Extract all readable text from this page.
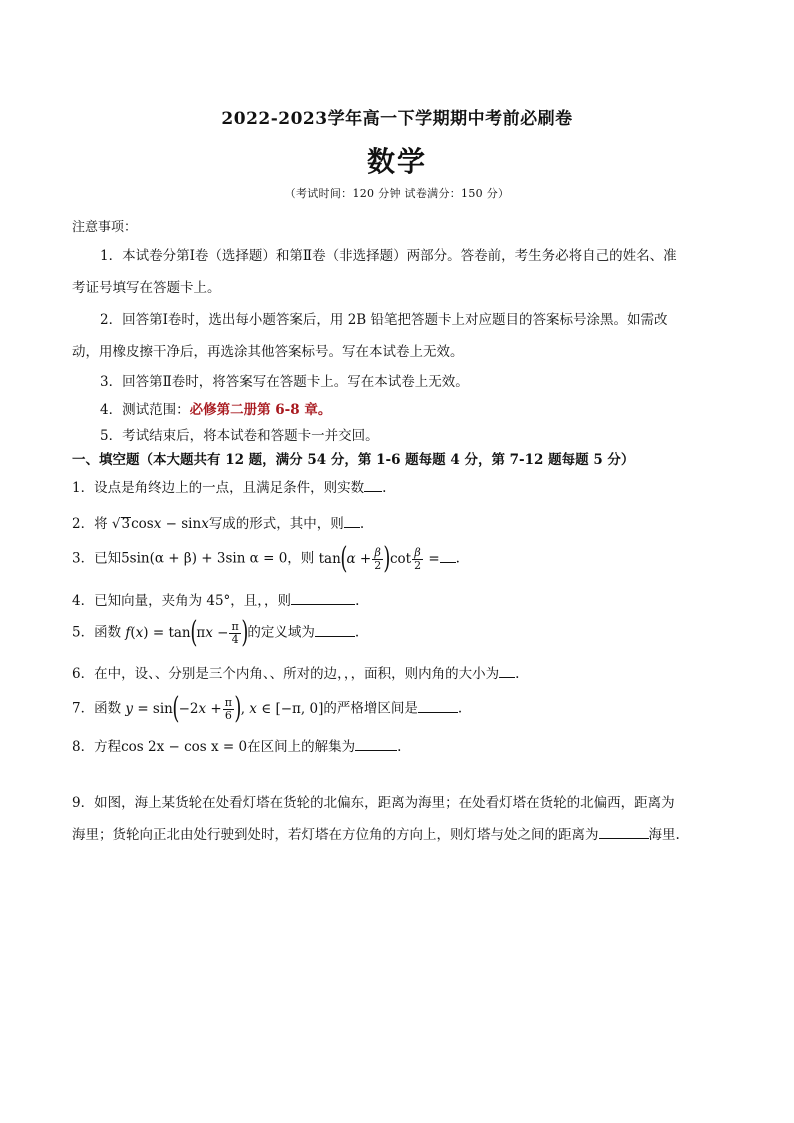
2022-2023学年高一下学期期中考前必刷卷
数学
（考试时间：120 分钟 试卷满分：150 分）
注意事项：
1．本试卷分第Ⅰ卷（选择题）和第Ⅱ卷（非选择题）两部分。答卷前，考生务必将自己的姓名、准考证号填写在答题卡上。
2．回答第Ⅰ卷时，选出每小题答案后，用 2B 铅笔把答题卡上对应题目的答案标号涂黑。如需改动，用橡皮擦干净后，再选涂其他答案标号。写在本试卷上无效。
3．回答第Ⅱ卷时，将答案写在答题卡上。写在本试卷上无效。
4．测试范围：必修第二册第 6-8 章。
5．考试结束后，将本试卷和答题卡一并交回。
一、填空题（本大题共有 12 题，满分 54 分，第 1-6 题每题 4 分，第 7-12 题每题 5 分）
1．设点是角终边上的一点，且满足条件，则实数 .
2．将 √3cosx − sinx写成的形式，其中，则 .
3．已知5sin(α + β) + 3sin α = 0，则 $\tan(\alpha + \frac{\beta}{2} )\cot \frac{\beta}{2}$ = .
4．已知向量，夹角为 45°，且，，则	.
5．函数 $f(x) = \tan(\pi x - \frac{\pi}{4}$ )的定义域为	.
6．在中，设、、分别是三个内角、、所对的边，，，面积，则内角的大小为 .
7．函数 $y = \sin(-2x + \frac{\pi}{6}$ ), x ∈ [−π, 0]的严格增区间是	.
8．方程cos 2x − cos x = 0在区间上的解集为	.
9．如图，海上某货轮在处看灯塔在货轮的北偏东，距离为海里；在处看灯塔在货轮的北偏西，距离为海里；货轮向正北由处行驶到处时，若灯塔在方位角的方向上，则灯塔与处之间的距离为	海里.
